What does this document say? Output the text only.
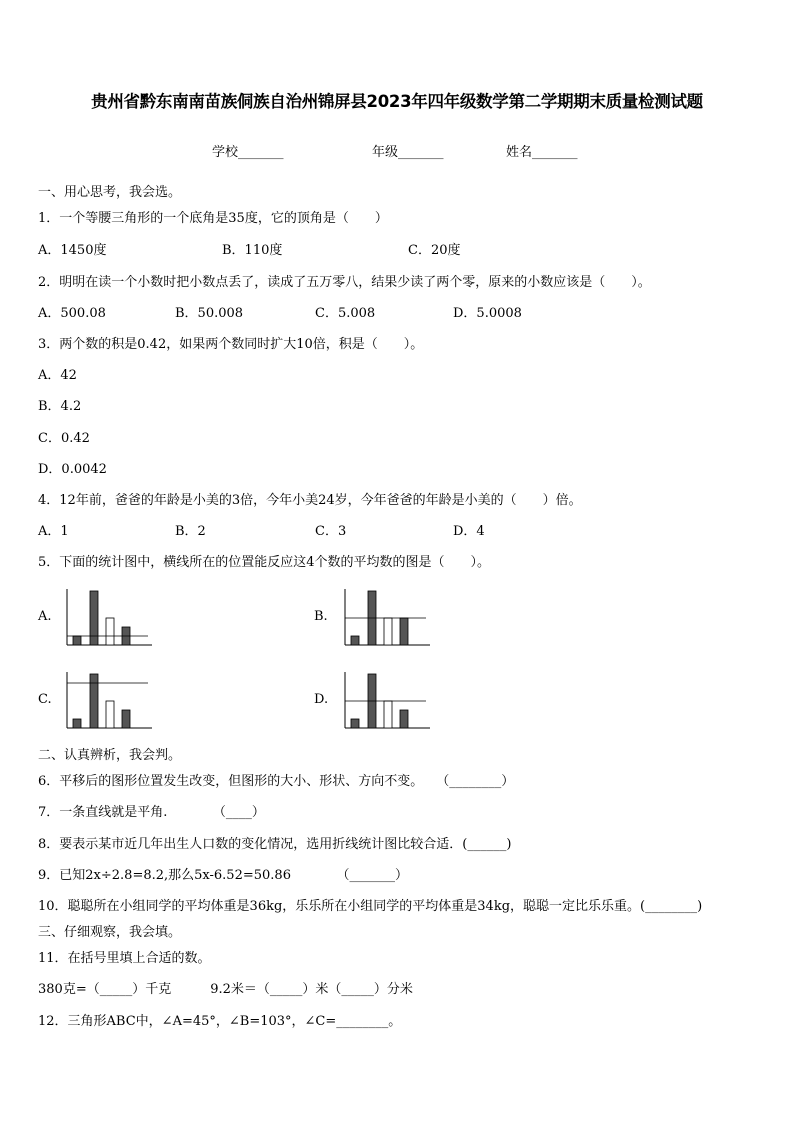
贵州省黔东南南苗族侗族自治州锦屏县2023年四年级数学第二学期期末质量检测试题
学校_______	年级_______	姓名_______
一、用心思考，我会选。
1．一个等腰三角形的一个底角是35度，它的顶角是（　　）
A．1450度	B．110度	C．20度
2．明明在读一个小数时把小数点丢了，读成了五万零八，结果少读了两个零，原来的小数应该是（　　）。
A．500.08	B．50.008	C．5.008	D．5.0008
3．两个数的积是0.42，如果两个数同时扩大10倍，积是（　　）。
A．42
B．4.2
C．0.42
D．0.0042
4．12年前，爸爸的年龄是小美的3倍，今年小美24岁，今年爸爸的年龄是小美的（　　）倍。
A．1	B．2	C．3	D．4
5．下面的统计图中，横线所在的位置能反应这4个数的平均数的图是（　　）。
A.	B.
C.	D.
二、认真辨析，我会判。
6．平移后的图形位置发生改变，但图形的大小、形状、方向不变。　　（________）
7．一条直线就是平角.　　　　（____）
8．要表示某市近几年出生人口数的变化情况，选用折线统计图比较合适．(______)
9．已知2x÷2.8=8.2,那么5x-6.52=50.86　　　　（_______）
10．聪聪所在小组同学的平均体重是36kg，乐乐所在小组同学的平均体重是34kg，聪聪一定比乐乐重。(________)
三、仔细观察，我会填。
11．在括号里填上合适的数。
380克=（_____）千克　　　9.2米＝（_____）米（_____）分米
12．三角形ABC中，∠A=45°，∠B=103°，∠C=________。
